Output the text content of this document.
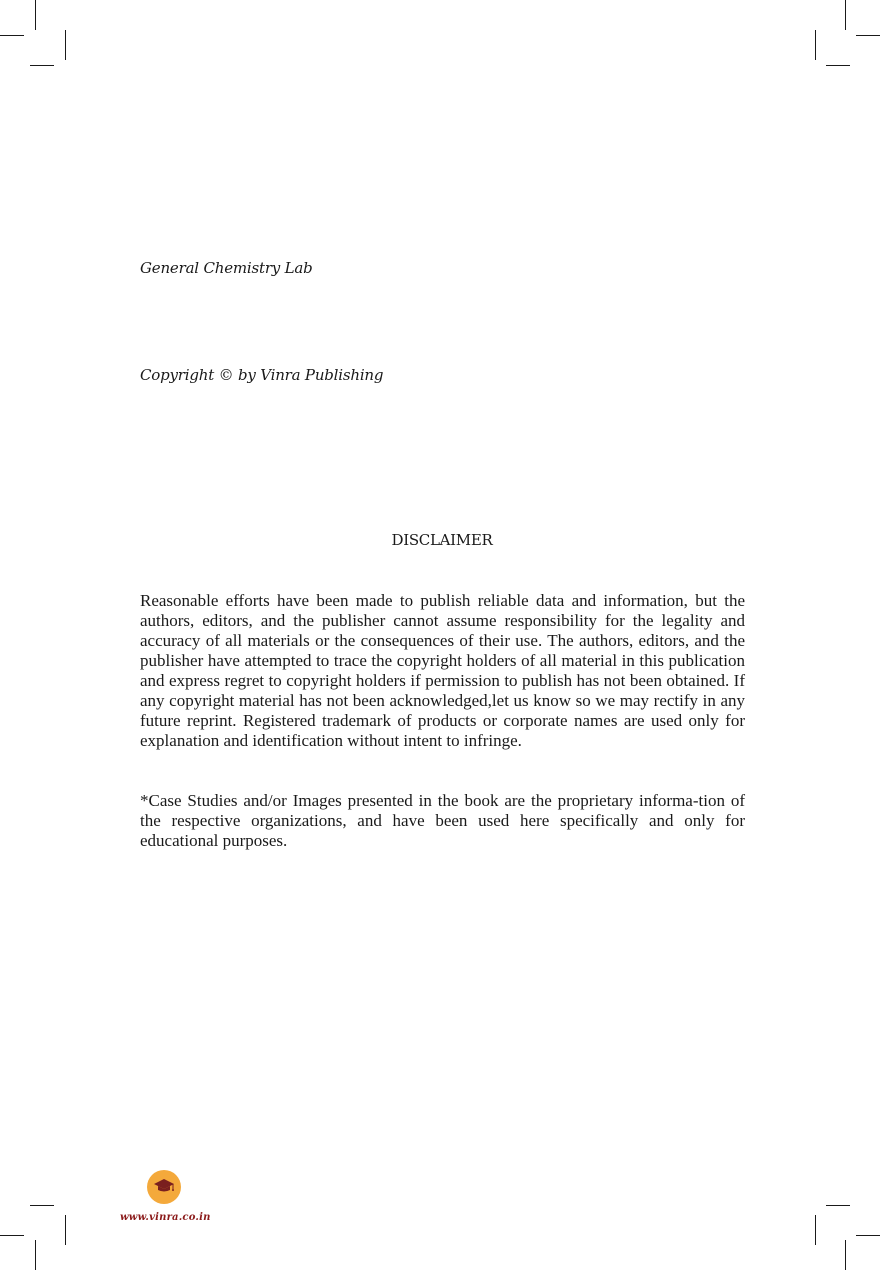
General Chemistry Lab
Copyright © by Vinra Publishing
DISCLAIMER

Reasonable efforts have been made to publish reliable data and information, but the authors, editors, and the publisher cannot assume responsibility for the legality and accuracy of all materials or the consequences of their use. The authors, editors, and the publisher have attempted to trace the copyright holders of all material in this publication and express regret to copyright holders if permission to publish has not been obtained. If any copyright material has not been acknowledged,let us know so we may rectify in any future reprint. Registered trademark of products or corporate names are used only for explanation and identification without intent to infringe.

*Case Studies and/or Images presented in the book are the proprietary informa-tion of the respective organizations, and have been used here specifically and only for educational purposes.

www.vinra.co.in
